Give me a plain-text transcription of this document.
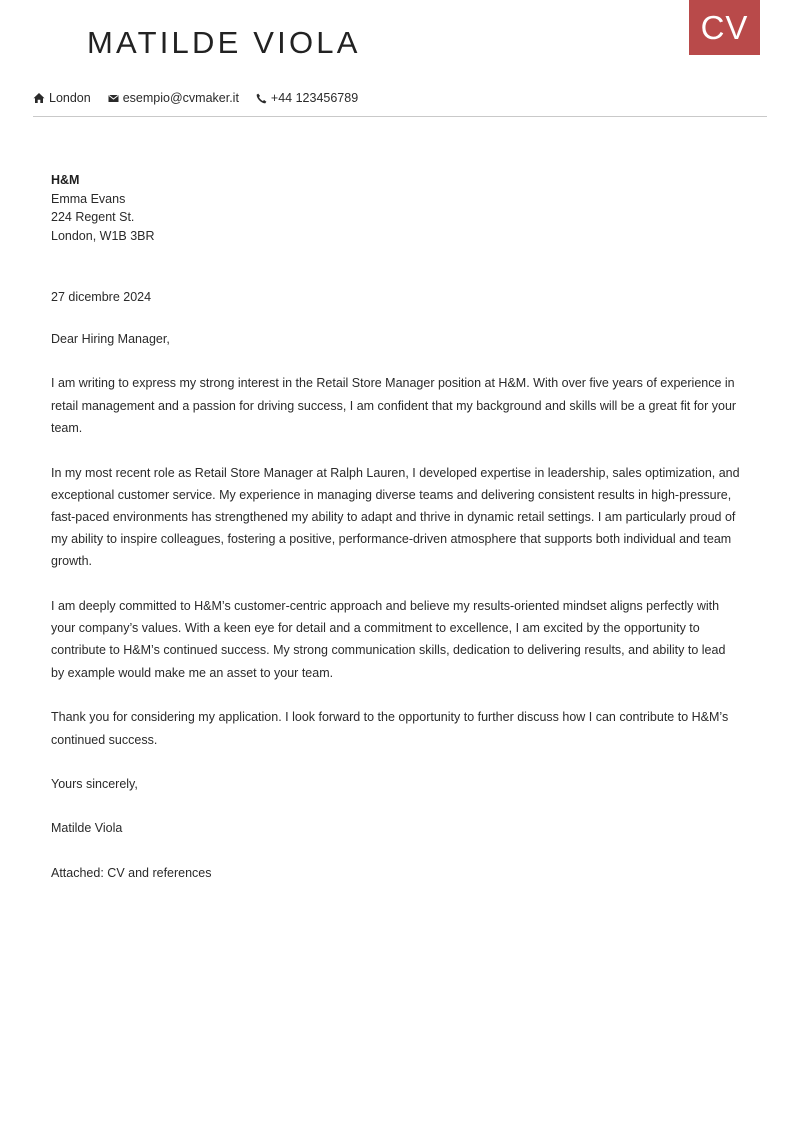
MATILDE VIOLA	CV
London	esempio@cvmaker.it	+44 123456789
H&M
Emma Evans
224 Regent St.
London, W1B 3BR

27 dicembre 2024

Dear Hiring Manager,

I am writing to express my strong interest in the Retail Store Manager position at H&M. With over five years of experience in retail management and a passion for driving success, I am confident that my background and skills will be a great fit for your team.

In my most recent role as Retail Store Manager at Ralph Lauren, I developed expertise in leadership, sales optimization, and exceptional customer service. My experience in managing diverse teams and delivering consistent results in high-pressure, fast-paced environments has strengthened my ability to adapt and thrive in dynamic retail settings. I am particularly proud of my ability to inspire colleagues, fostering a positive, performance-driven atmosphere that supports both individual and team growth.

I am deeply committed to H&M’s customer-centric approach and believe my results-oriented mindset aligns perfectly with your company’s values. With a keen eye for detail and a commitment to excellence, I am excited by the opportunity to contribute to H&M’s continued success. My strong communication skills, dedication to delivering results, and ability to lead by example would make me an asset to your team.

Thank you for considering my application. I look forward to the opportunity to further discuss how I can contribute to H&M’s continued success.

Yours sincerely,

Matilde Viola

Attached: CV and references
